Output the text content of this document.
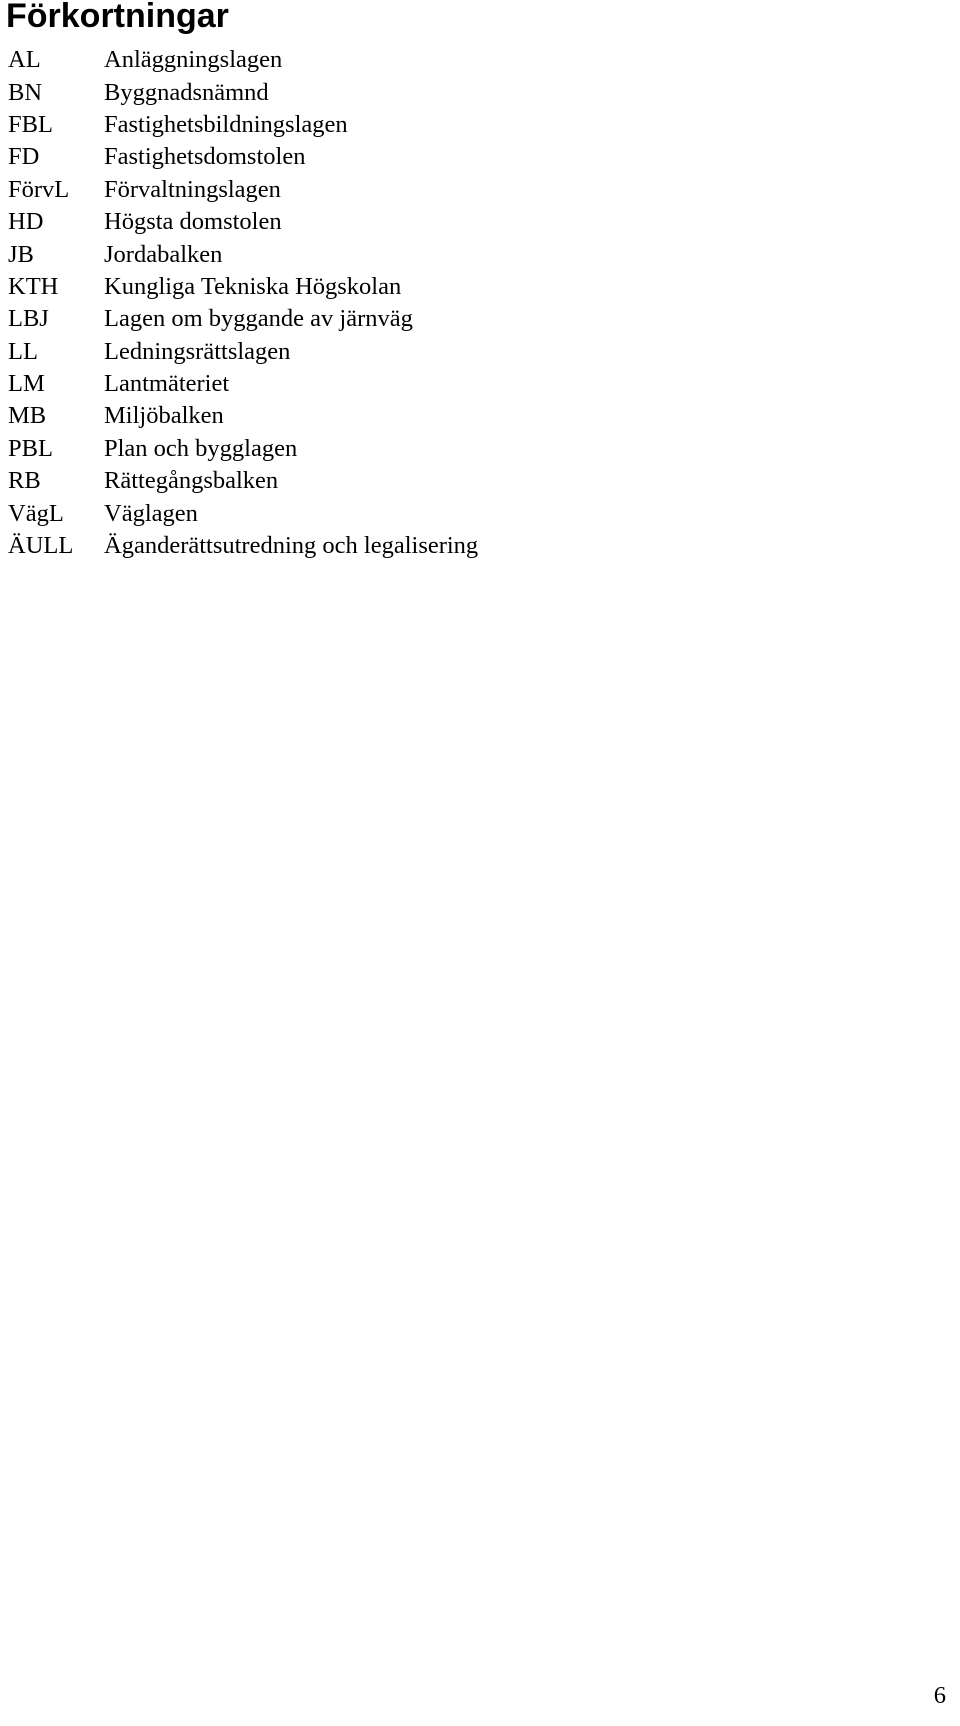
Förkortningar
AL	Anläggningslagen
BN	Byggnadsnämnd
FBL	Fastighetsbildningslagen
FD	Fastighetsdomstolen
FörvL	Förvaltningslagen
HD	Högsta domstolen
JB	Jordabalken
KTH	Kungliga Tekniska Högskolan
LBJ	Lagen om byggande av järnväg
LL	Ledningsrättslagen
LM	Lantmäteriet
MB	Miljöbalken
PBL	Plan och bygglagen
RB	Rättegångsbalken
VägL	Väglagen
ÄULL	Äganderättsutredning och legalisering
6
